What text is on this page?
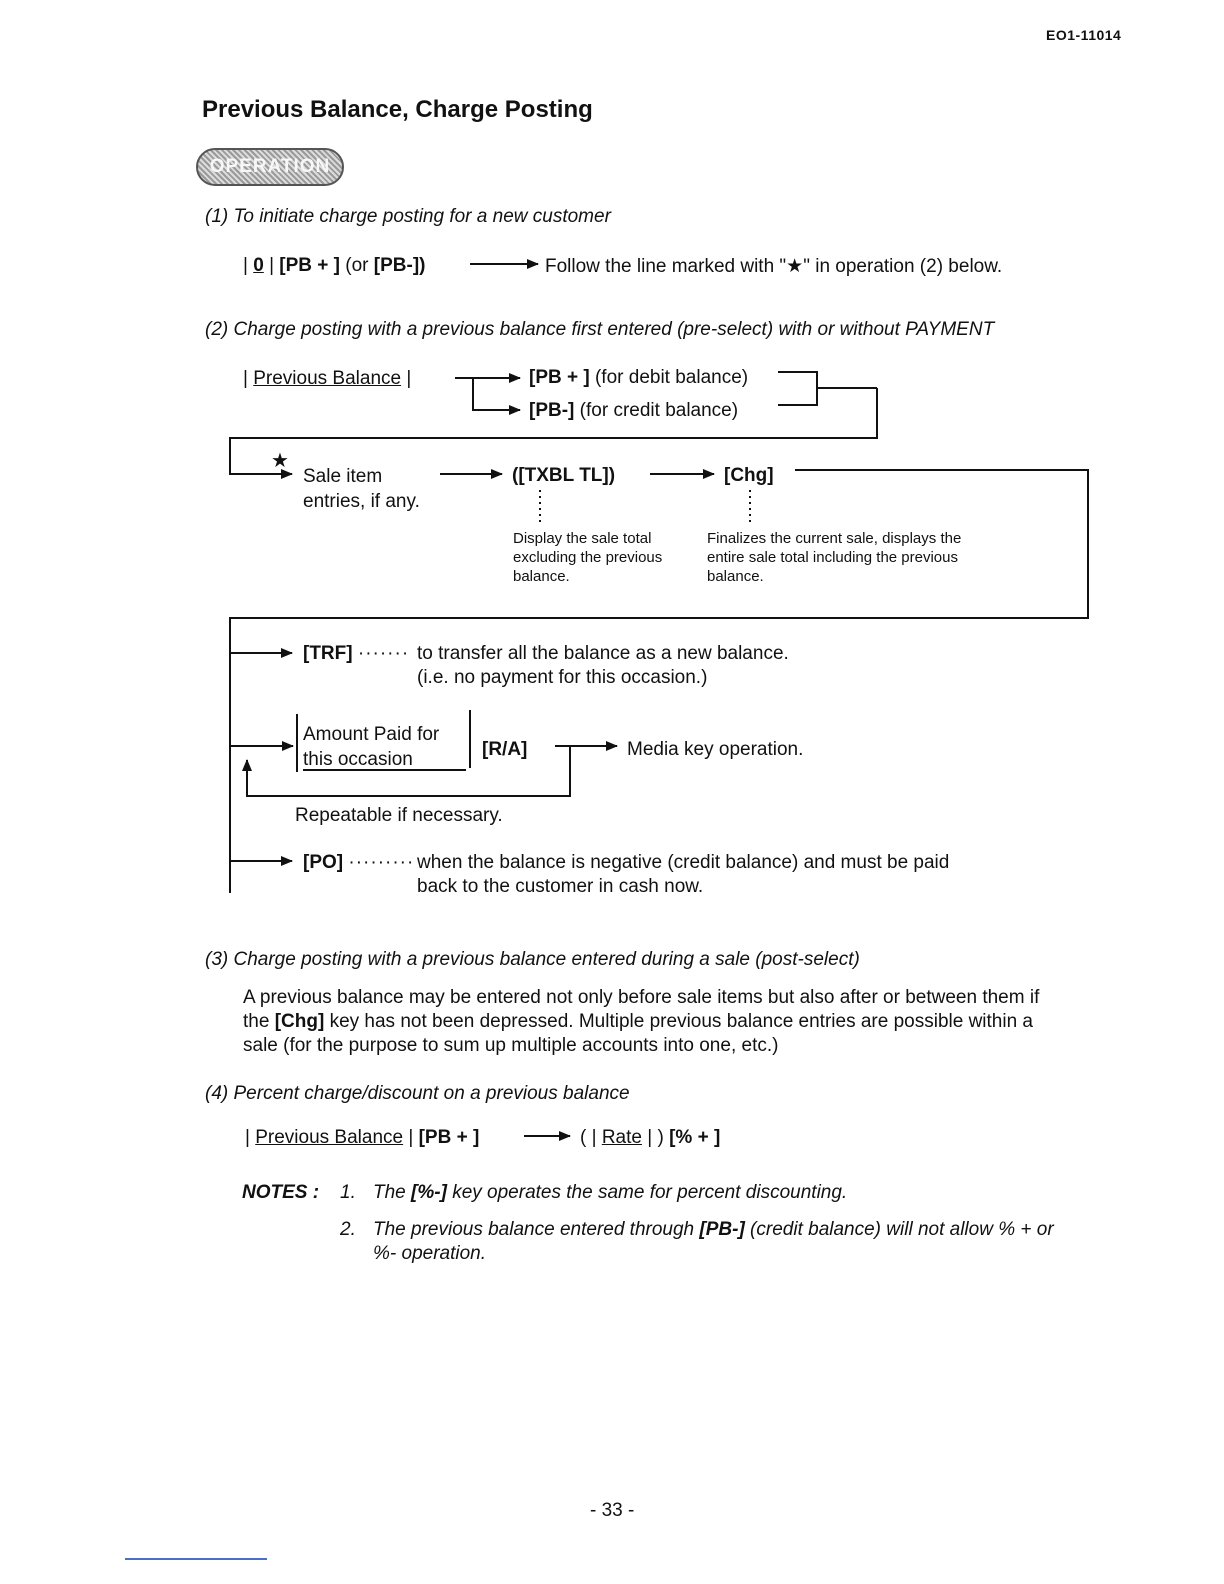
EO1-11014
Previous Balance, Charge Posting
OPERATION
(1) To initiate charge posting for a new customer
| 0 | [PB + ] (or [PB-])	Follow the line marked with "★" in operation (2) below.
(2) Charge posting with a previous balance first entered (pre-select) with or without PAYMENT
| Previous Balance |	[PB + ] (for debit balance)
[PB-] (for credit balance)
★
Sale item
entries, if any.
([TXBL TL])	[Chg]
Display the sale total excluding the previous balance.
Finalizes the current sale, displays the entire sale total including the previous balance.
[TRF] ······· to transfer all the balance as a new balance.
(i.e. no payment for this occasion.)
Amount Paid for
this occasion	[R/A]	Media key operation.
Repeatable if necessary.
[PO] ········· when the balance is negative (credit balance) and must be paid
back to the customer in cash now.
(3) Charge posting with a previous balance entered during a sale (post-select)
A previous balance may be entered not only before sale items but also after or between them if the [Chg] key has not been depressed. Multiple previous balance entries are possible within a sale (for the purpose to sum up multiple accounts into one, etc.)
(4) Percent charge/discount on a previous balance
| Previous Balance | [PB + ]	( | Rate | ) [% + ]
NOTES : 1. The [%-] key operates the same for percent discounting.
2. The previous balance entered through [PB-] (credit balance) will not allow % + or %- operation.
- 33 -
